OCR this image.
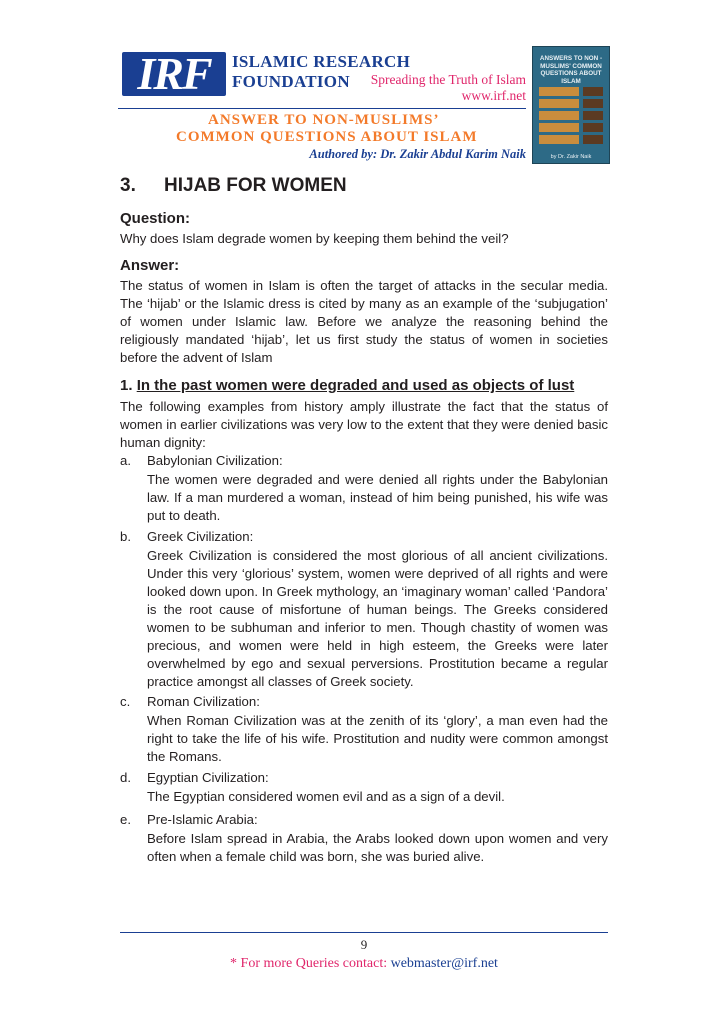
IRF	ISLAMIC RESEARCH FOUNDATION	Spreading the Truth of Islam
www.irf.net
ANSWER TO NON-MUSLIMS’
COMMON QUESTIONS ABOUT ISLAM
Authored by: Dr. Zakir Abdul Karim Naik
ANSWERS TO NON - MUSLIMS' COMMON QUESTIONS ABOUT ISLAM
by Dr. Zakir Naik
3. HIJAB FOR WOMEN
Question:
Why does Islam degrade women by keeping them behind the veil?
Answer:
The status of women in Islam is often the target of attacks in the secular media. The ‘hijab’ or the Islamic dress is cited by many as an example of the ‘subjugation’ of women under Islamic law. Before we analyze the reasoning behind the religiously mandated ‘hijab’, let us first study the status of women in societies before the advent of Islam
1. In the past women were degraded and used as objects of lust
The following examples from history amply illustrate the fact that the status of women in earlier civilizations was very low to the extent that they were denied basic human dignity:
a. Babylonian Civilization:
The women were degraded and were denied all rights under the Babylonian law. If a man murdered a woman, instead of him being punished, his wife was put to death.
b. Greek Civilization:
Greek Civilization is considered the most glorious of all ancient civilizations. Under this very ‘glorious’ system, women were deprived of all rights and were looked down upon. In Greek mythology, an ‘imaginary woman’ called ‘Pandora’ is the root cause of misfortune of human beings. The Greeks considered women to be subhuman and inferior to men. Though chastity of women was precious, and women were held in high esteem, the Greeks were later overwhelmed by ego and sexual perversions. Prostitution became a regular practice amongst all classes of Greek society.
c. Roman Civilization:
When Roman Civilization was at the zenith of its ‘glory’, a man even had the right to take the life of his wife. Prostitution and nudity were common amongst the Romans.
d. Egyptian Civilization:
The Egyptian considered women evil and as a sign of a devil.
e. Pre-Islamic Arabia:
Before Islam spread in Arabia, the Arabs looked down upon women and very often when a female child was born, she was buried alive.
9
* For more Queries contact: webmaster@irf.net
